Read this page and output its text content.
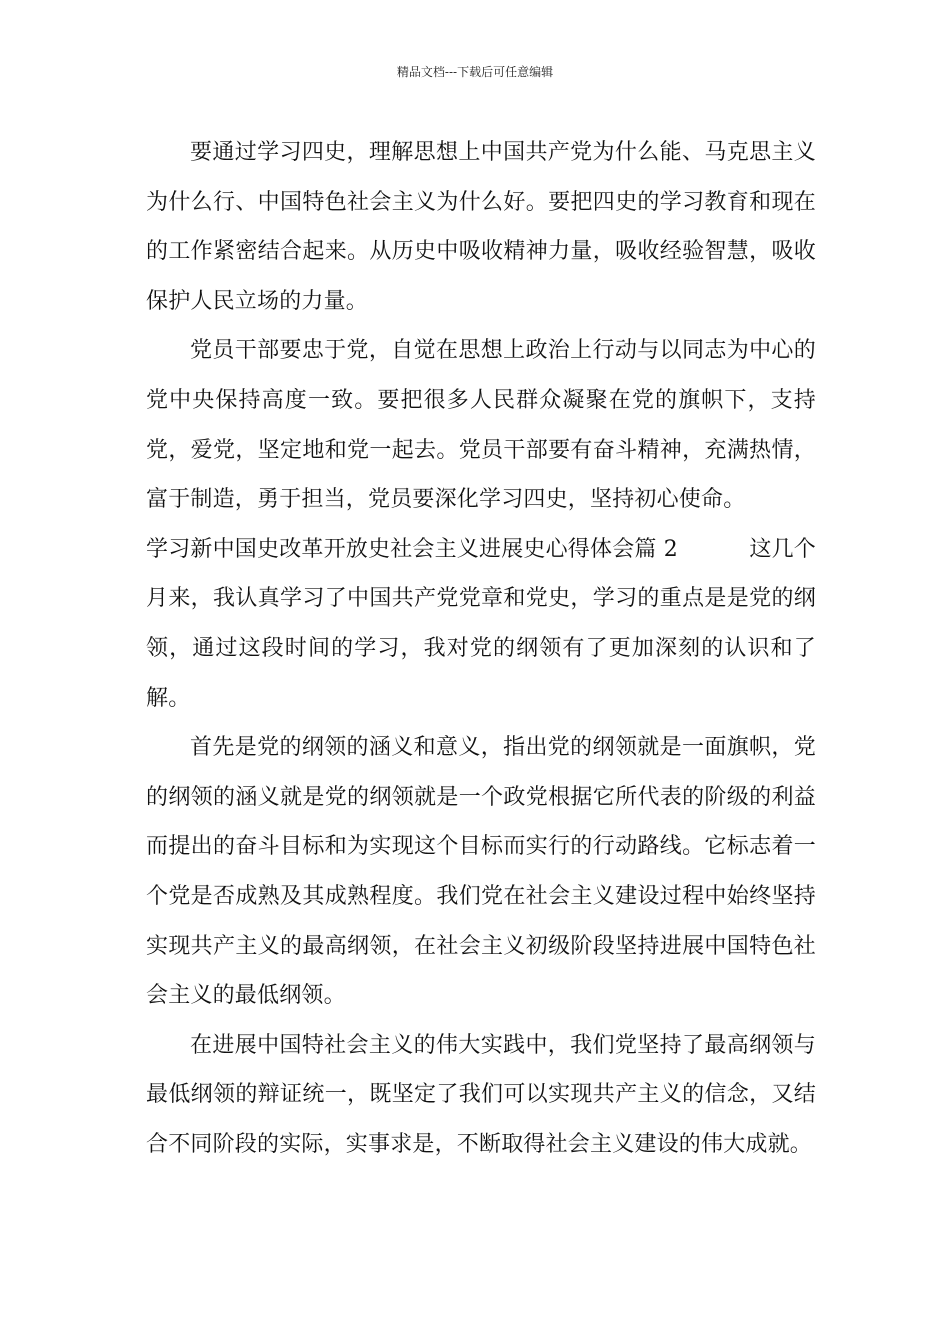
精品文档---下载后可任意编辑

要通过学习四史，理解思想上中国共产党为什么能、马克思主义为什么行、中国特色社会主义为什么好。要把四史的学习教育和现在的工作紧密结合起来。从历史中吸收精神力量，吸收经验智慧，吸收保护人民立场的力量。

党员干部要忠于党，自觉在思想上政治上行动与以同志为中心的党中央保持高度一致。要把很多人民群众凝聚在党的旗帜下，支持党，爱党，坚定地和党一起去。党员干部要有奋斗精神，充满热情，富于制造，勇于担当，党员要深化学习四史，坚持初心使命。

学习新中国史改革开放史社会主义进展史心得体会篇 2	这几个

月来，我认真学习了中国共产党党章和党史，学习的重点是是党的纲领，通过这段时间的学习，我对党的纲领有了更加深刻的认识和了解。

首先是党的纲领的涵义和意义，指出党的纲领就是一面旗帜，党的纲领的涵义就是党的纲领就是一个政党根据它所代表的阶级的利益而提出的奋斗目标和为实现这个目标而实行的行动路线。它标志着一个党是否成熟及其成熟程度。我们党在社会主义建设过程中始终坚持实现共产主义的最高纲领，在社会主义初级阶段坚持进展中国特色社会主义的最低纲领。

在进展中国特社会主义的伟大实践中，我们党坚持了最高纲领与最低纲领的辩证统一，既坚定了我们可以实现共产主义的信念，又结合不同阶段的实际，实事求是，不断取得社会主义建设的伟大成就。
